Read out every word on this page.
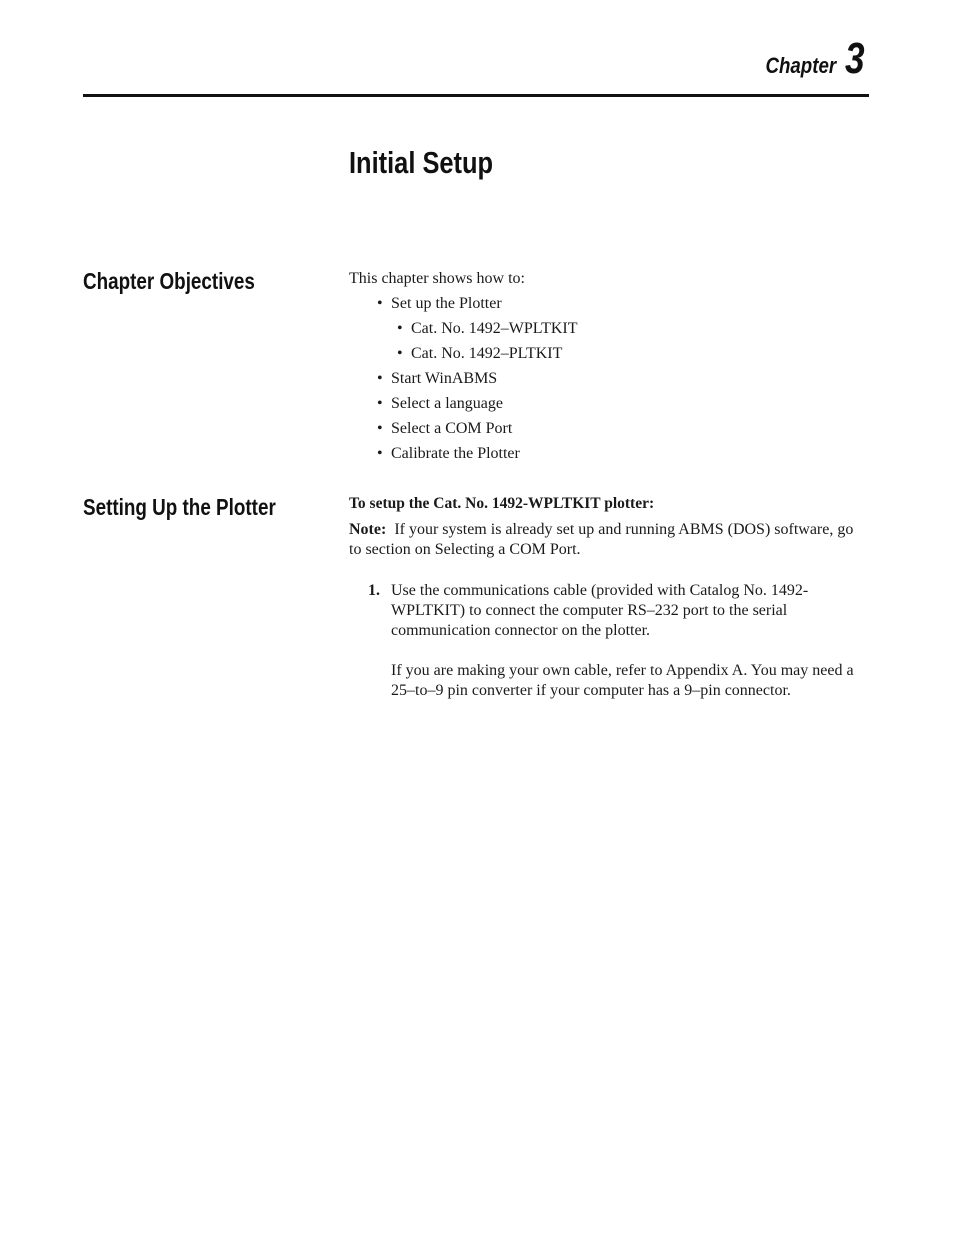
Chapter 3
Initial Setup
Chapter Objectives	This chapter shows how to:

• Set up the Plotter
• Cat. No. 1492–WPLTKIT
• Cat. No. 1492–PLTKIT
• Start WinABMS
• Select a language
• Select a COM Port
• Calibrate the Plotter
Setting Up the Plotter	To setup the Cat. No. 1492-WPLTKIT plotter:

Note: If your system is already set up and running ABMS (DOS) software, go to section on Selecting a COM Port.

1. Use the communications cable (provided with Catalog No. 1492-WPLTKIT) to connect the computer RS–232 port to the serial communication connector on the plotter.

If you are making your own cable, refer to Appendix A. You may need a 25–to–9 pin converter if your computer has a 9–pin connector.
